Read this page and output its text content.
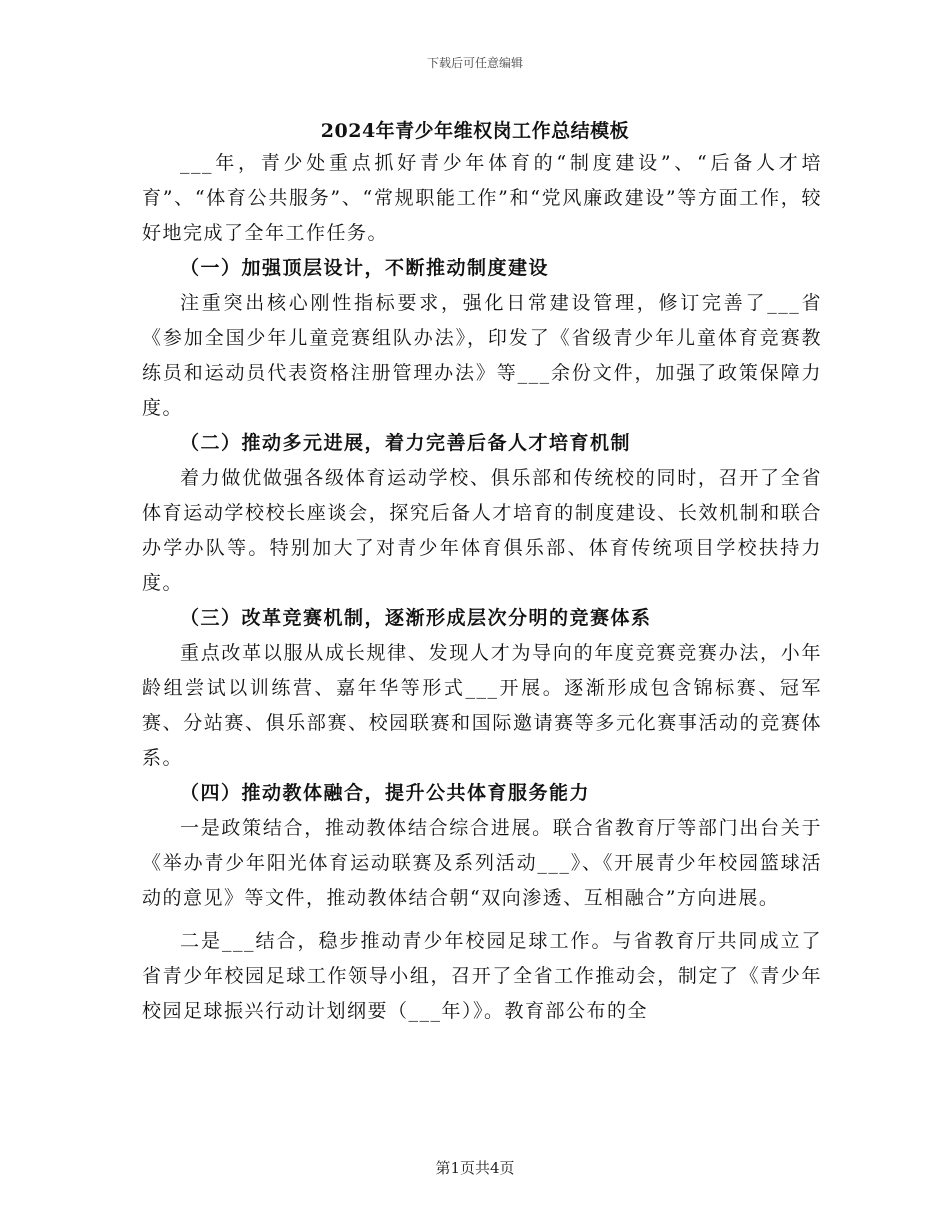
下载后可任意编辑
2024年青少年维权岗工作总结模板

___年，青少处重点抓好青少年体育的“制度建设”、“后备人才培育”、“体育公共服务”、“常规职能工作”和“党风廉政建设”等方面工作，较好地完成了全年工作任务。

（一）加强顶层设计，不断推动制度建设

注重突出核心刚性指标要求，强化日常建设管理，修订完善了___省《参加全国少年儿童竞赛组队办法》，印发了《省级青少年儿童体育竞赛教练员和运动员代表资格注册管理办法》等___余份文件，加强了政策保障力度。

（二）推动多元进展，着力完善后备人才培育机制

着力做优做强各级体育运动学校、俱乐部和传统校的同时，召开了全省体育运动学校校长座谈会，探究后备人才培育的制度建设、长效机制和联合办学办队等。特别加大了对青少年体育俱乐部、体育传统项目学校扶持力度。

（三）改革竞赛机制，逐渐形成层次分明的竞赛体系

重点改革以服从成长规律、发现人才为导向的年度竞赛竞赛办法，小年龄组尝试以训练营、嘉年华等形式___开展。逐渐形成包含锦标赛、冠军赛、分站赛、俱乐部赛、校园联赛和国际邀请赛等多元化赛事活动的竞赛体系。

（四）推动教体融合，提升公共体育服务能力

一是政策结合，推动教体结合综合进展。联合省教育厅等部门出台关于《举办青少年阳光体育运动联赛及系列活动___》、《开展青少年校园篮球活动的意见》等文件，推动教体结合朝“双向渗透、互相融合”方向进展。

二是___结合，稳步推动青少年校园足球工作。与省教育厅共同成立了省青少年校园足球工作领导小组，召开了全省工作推动会，制定了《青少年校园足球振兴行动计划纲要（___年）》。教育部公布的全

第1页共4页
